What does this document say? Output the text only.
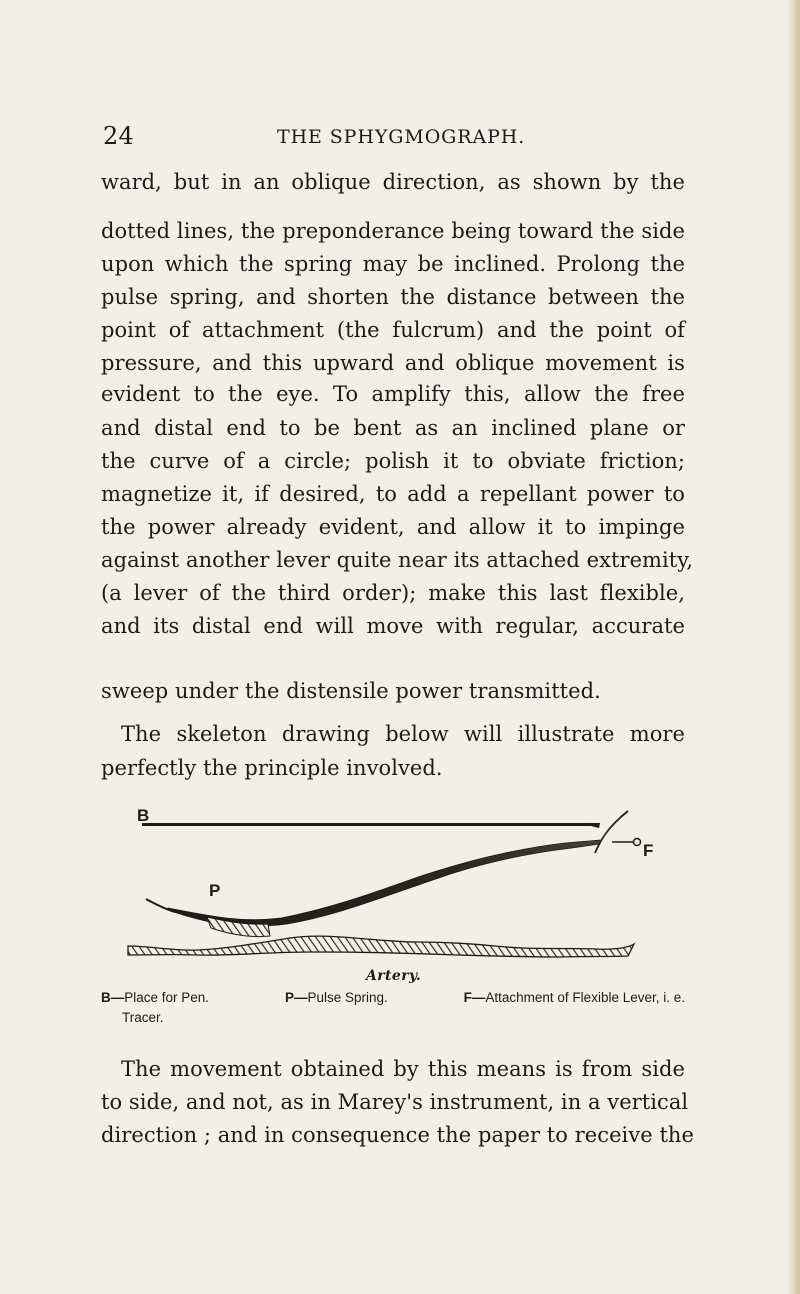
24	THE SPHYGMOGRAPH.
ward, but in an oblique direction, as shown by the
dotted lines, the preponderance being toward the side
upon which the spring may be inclined. Prolong the
pulse spring, and shorten the distance between the
point of attachment (the fulcrum) and the point of
pressure, and this upward and oblique movement is
evident to the eye. To amplify this, allow the free
and distal end to be bent as an inclined plane or
the curve of a circle; polish it to obviate friction;
magnetize it, if desired, to add a repellant power to
the power already evident, and allow it to impinge
against another lever quite near its attached extremity,
(a lever of the third order); make this last flexible,
and its distal end will move with regular, accurate
sweep under the distensile power transmitted.
The skeleton drawing below will illustrate more
perfectly the principle involved.
B
P
F
Artery.
B—Place for Pen.	P—Pulse Spring.	F—Attachment of Flexible Lever, i. e.
Tracer.
The movement obtained by this means is from side
to side, and not, as in Marey's instrument, in a vertical
direction ; and in consequence the paper to receive the
